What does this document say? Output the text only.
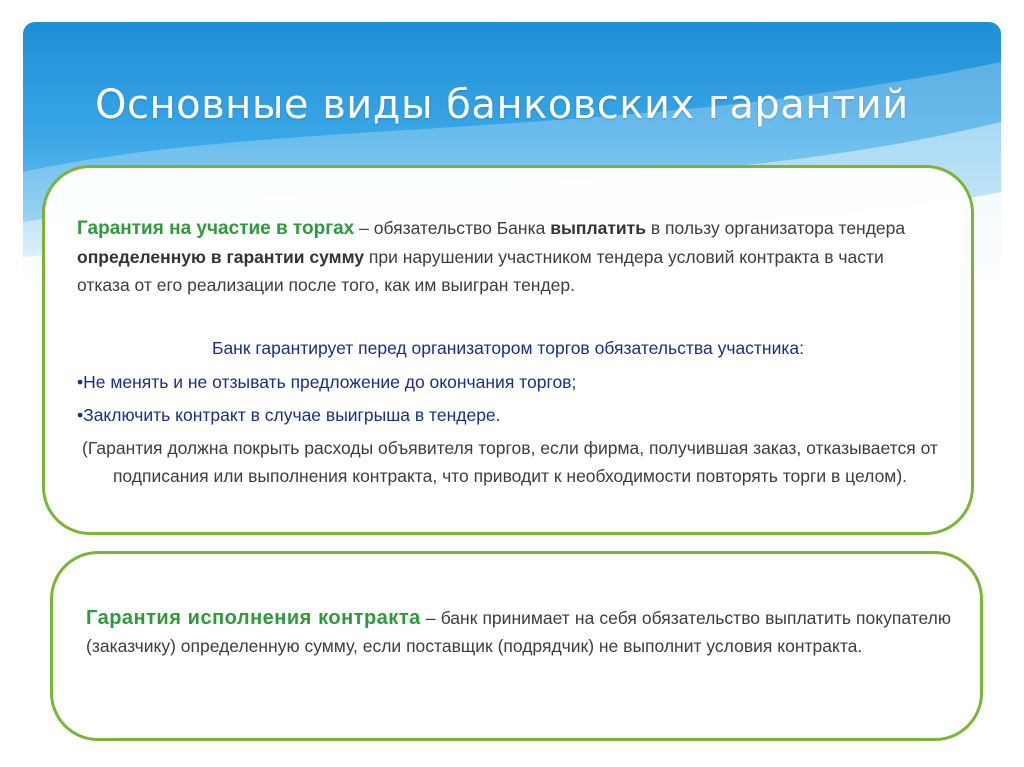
Основные виды банковских гарантий
Гарантия на участие в торгах – обязательство Банка выплатить в пользу организатора тендера определенную в гарантии сумму при нарушении участником тендера условий контракта в части отказа от его реализации после того, как им выигран тендер.
Банк гарантирует перед организатором торгов обязательства участника:
•Не менять и не отзывать предложение до окончания торгов;
•Заключить контракт в случае выигрыша в тендере.
(Гарантия должна покрыть расходы объявителя торгов, если фирма, получившая заказ, отказывается от подписания или выполнения контракта, что приводит к необходимости повторять торги в целом).
Гарантия исполнения контракта – банк принимает на себя обязательство выплатить покупателю (заказчику) определенную сумму, если поставщик (подрядчик) не выполнит условия контракта.
